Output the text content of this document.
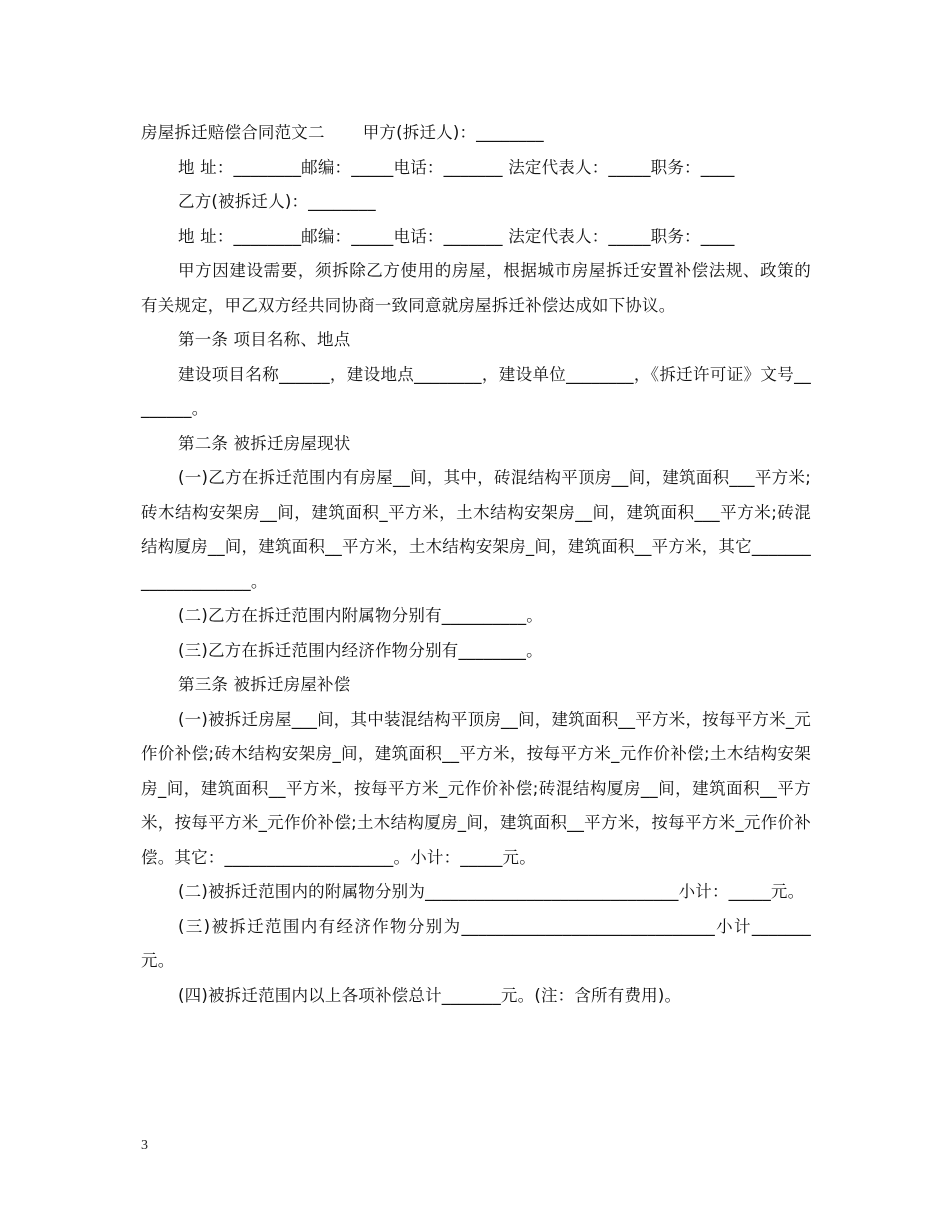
房屋拆迁赔偿合同范文二 甲方(拆迁人)：________

地 址：________邮编：_____电话：_______ 法定代表人：_____职务：____

乙方(被拆迁人)：________

地 址：________邮编：_____电话：_______ 法定代表人：_____职务：____

甲方因建设需要，须拆除乙方使用的房屋，根据城市房屋拆迁安置补偿法规、政策的有关规定，甲乙双方经共同协商一致同意就房屋拆迁补偿达成如下协议。

第一条 项目名称、地点

建设项目名称______，建设地点________，建设单位________，《拆迁许可证》文号________。

第二条 被拆迁房屋现状

(一)乙方在拆迁范围内有房屋__间，其中，砖混结构平顶房__间，建筑面积___平方米;砖木结构安架房__间，建筑面积_平方米，土木结构安架房__间，建筑面积___平方米;砖混结构厦房__间，建筑面积__平方米，土木结构安架房_间，建筑面积__平方米，其它____________________。

(二)乙方在拆迁范围内附属物分别有__________。

(三)乙方在拆迁范围内经济作物分别有________。

第三条 被拆迁房屋补偿

(一)被拆迁房屋___间，其中装混结构平顶房__间，建筑面积__平方米，按每平方米_元作价补偿;砖木结构安架房_间，建筑面积__平方米，按每平方米_元作价补偿;土木结构安架房_间，建筑面积__平方米，按每平方米_元作价补偿;砖混结构厦房__间，建筑面积__平方米，按每平方米_元作价补偿;土木结构厦房_间，建筑面积__平方米，按每平方米_元作价补偿。其它：____________________。小计：_____元。

(二)被拆迁范围内的附属物分别为______________________________小计：_____元。

(三)被拆迁范围内有经济作物分别为______________________________小计_______元。

(四)被拆迁范围内以上各项补偿总计_______元。(注：含所有费用)。

3
